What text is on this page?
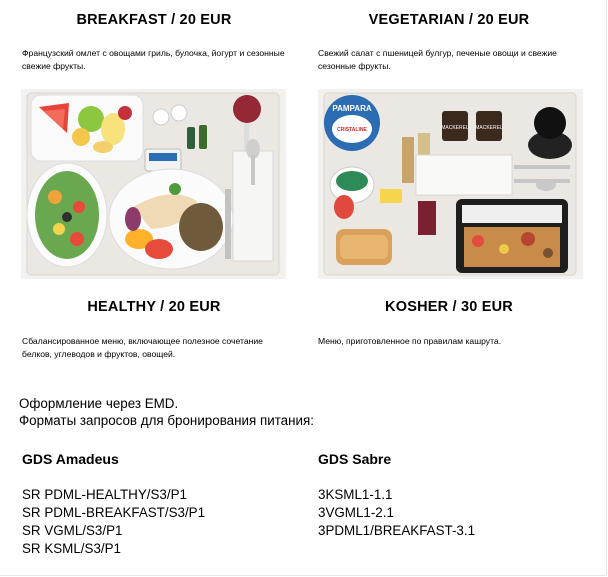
BREAKFAST / 20 EUR
Французский омлет с овощами гриль, булочка, йогурт и сезонные свежие фрукты.
VEGETARIAN / 20 EUR
Свежий салат с пшеницей булгур, печеные овощи и свежие сезонные фрукты.
PAMPARA
CRISTALINE	MACKEREL MACKEREL
HEALTHY / 20 EUR
Сбалансированное меню, включающее полезное сочетание белков, углеводов и фруктов, овощей.
KOSHER / 30 EUR
Меню, приготовленное по правилам кашрута.
Оформление через EMD.
Форматы запросов для бронирования питания:
GDS Amadeus
SR PDML-HEALTHY/S3/P1
SR PDML-BREAKFAST/S3/P1
SR VGML/S3/P1
SR KSML/S3/P1
GDS Sabre
3KSML1-1.1
3VGML1-2.1
3PDML1/BREAKFAST-3.1
